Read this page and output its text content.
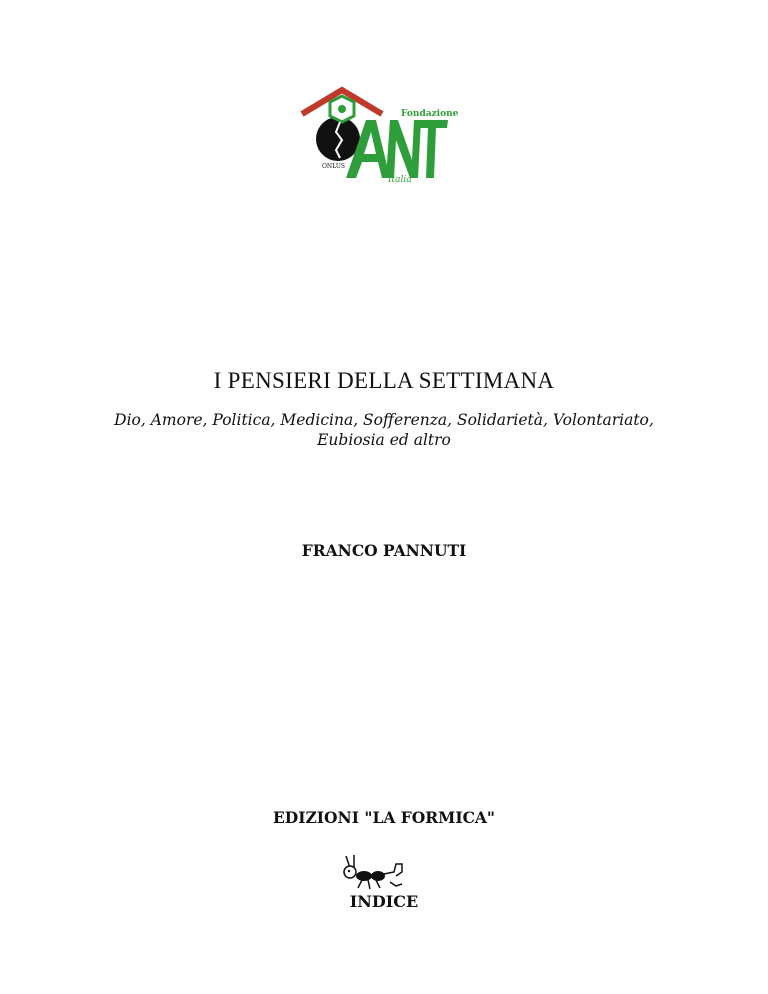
Fondazione
ONLUS
Italia
I PENSIERI DELLA SETTIMANA
Dio, Amore, Politica, Medicina, Sofferenza, Solidarietà, Volontariato,
Eubiosia ed altro
FRANCO PANNUTI
EDIZIONI "LA FORMICA"
INDICE
